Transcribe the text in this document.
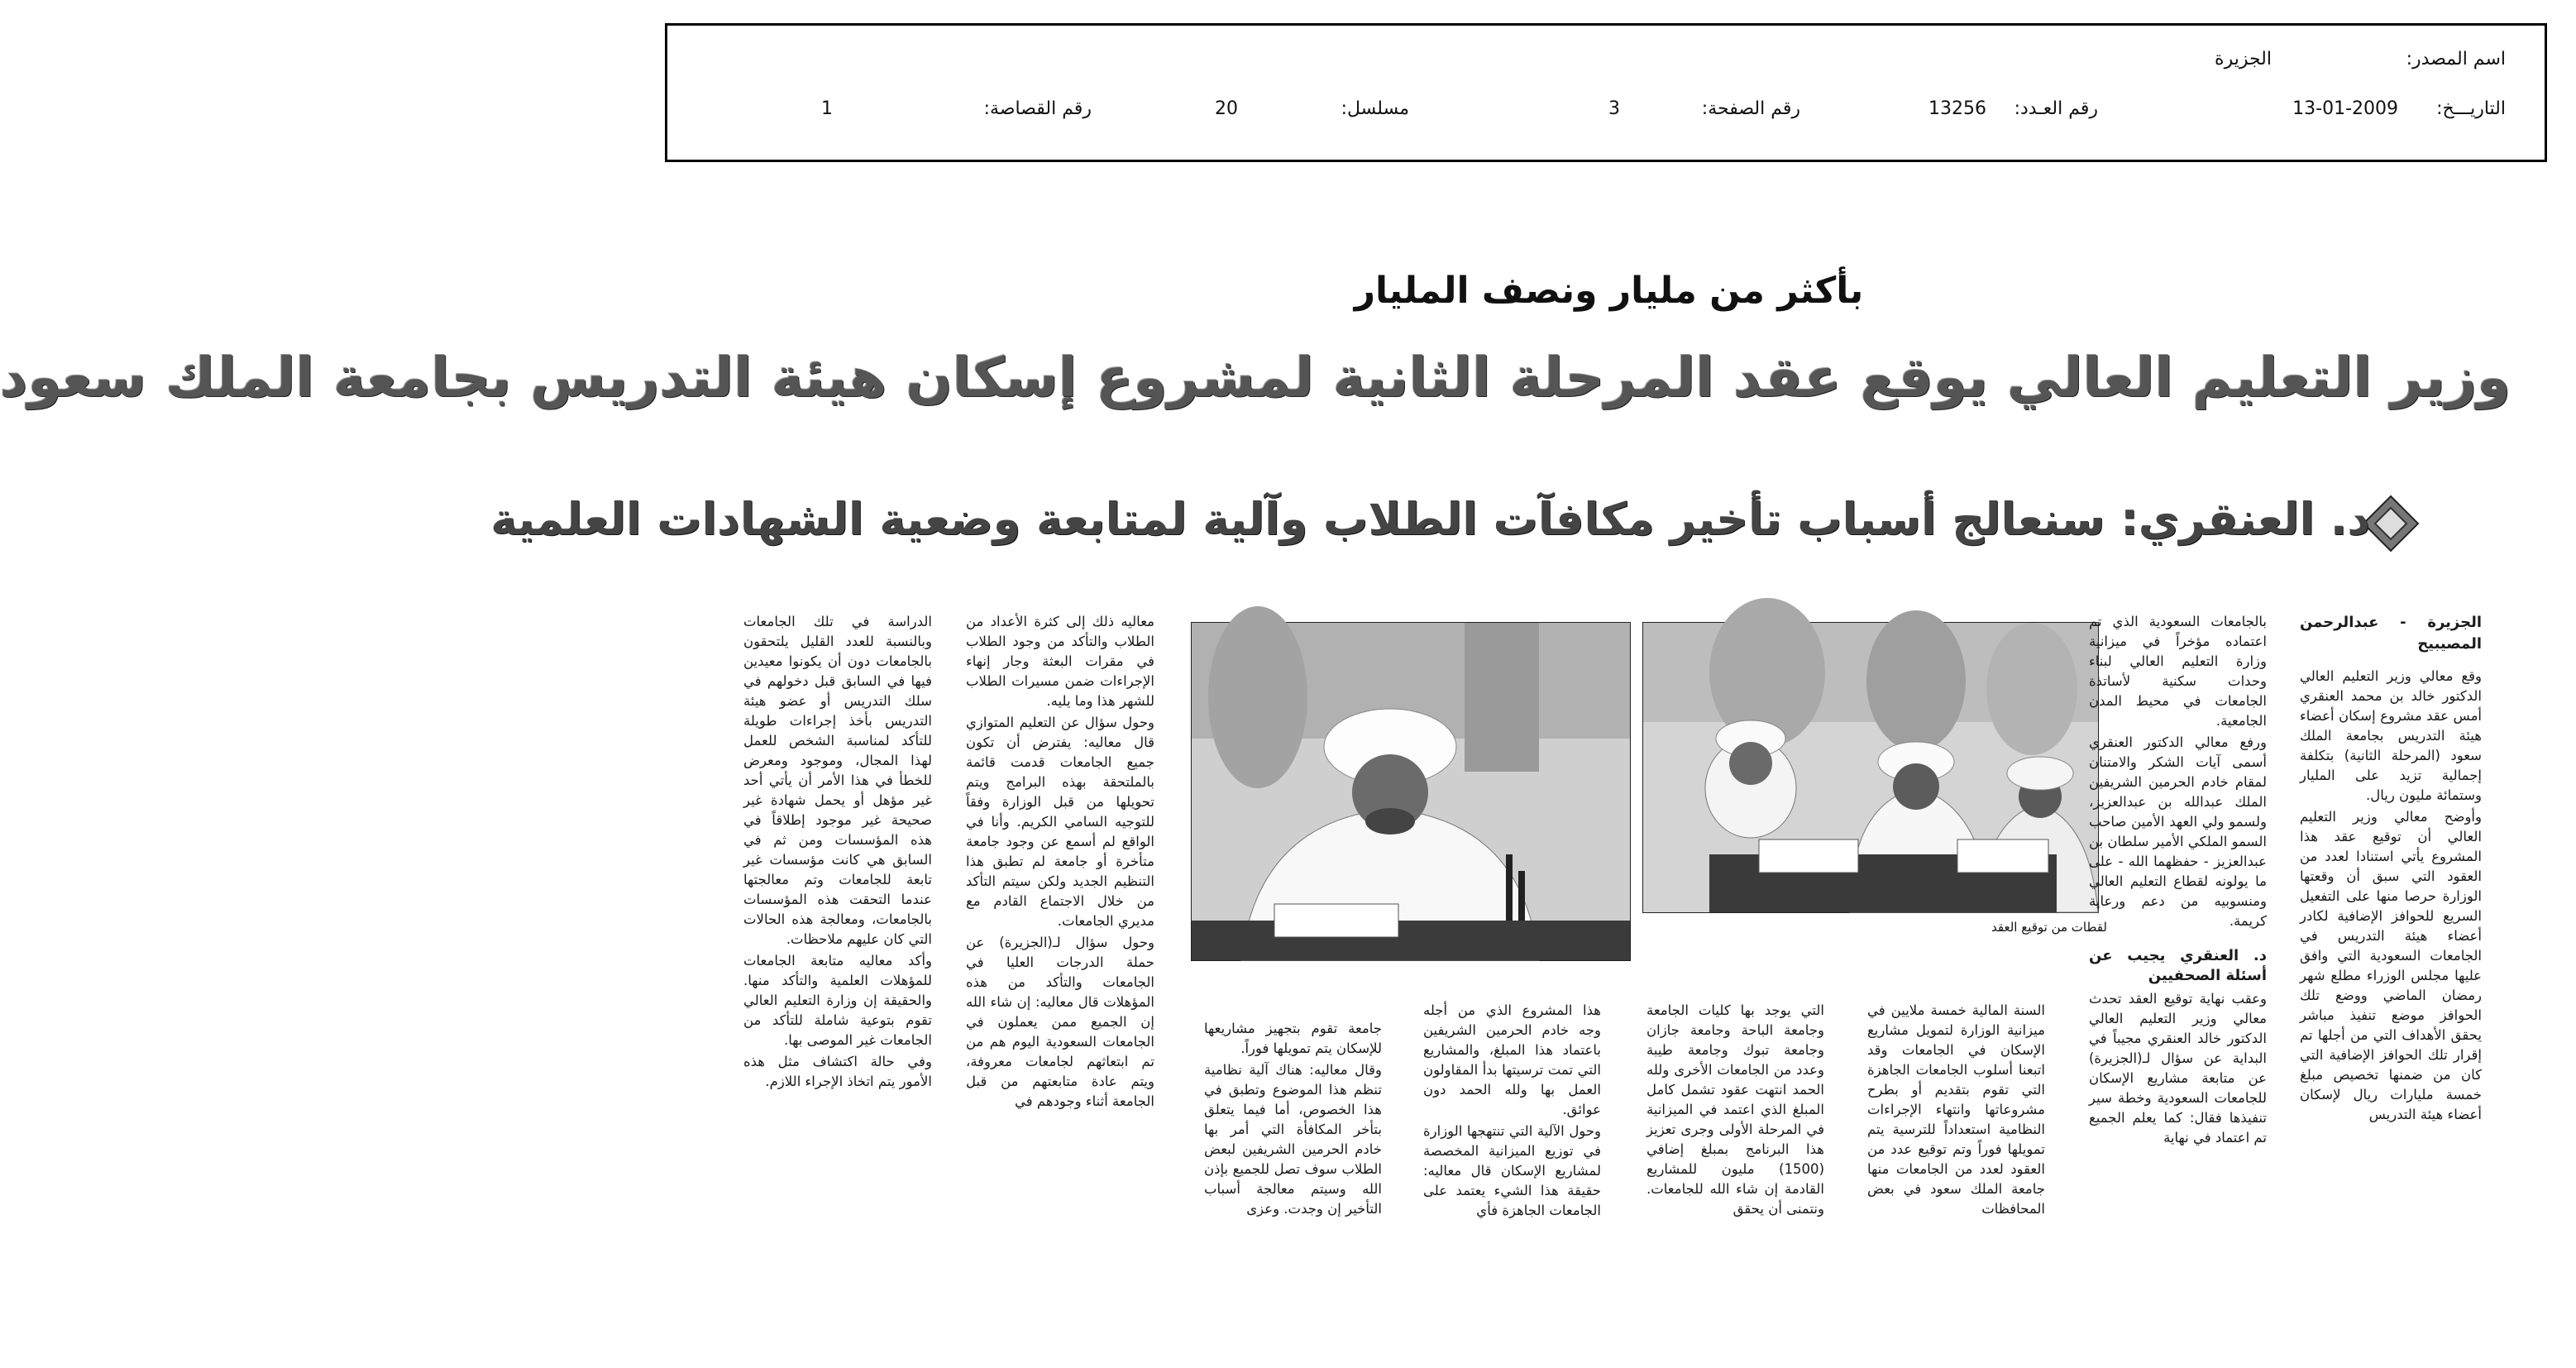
اسم المصدر:
الجزيرة
التاريـــخ:
13-01-2009
رقم العـدد:
13256
رقم الصفحة:
3
مسلسل:
20
رقم القصاصة:
1
بأكثر من مليار ونصف المليار
وزير التعليم العالي يوقع عقد المرحلة الثانية لمشروع إسكان هيئة التدريس بجامعة الملك سعود
د. العنقري: سنعالج أسباب تأخير مكافآت الطلاب وآلية لمتابعة وضعية الشهادات العلمية
لقطات من توقيع العقد

الجزيرة - عبدالرحمن المصيبيح

وقع معالي وزير التعليم العالي الدكتور خالد بن محمد العنقري أمس عقد مشروع إسكان أعضاء هيئة التدريس بجامعة الملك سعود (المرحلة الثانية) بتكلفة إجمالية تزيد على المليار وستمائة مليون ريال.

وأوضح معالي وزير التعليم العالي أن توقيع عقد هذا المشروع يأتي استنادا لعدد من العقود التي سبق أن وقعتها الوزارة حرصا منها على التفعيل السريع للحوافز الإضافية لكادر أعضاء هيئة التدريس في الجامعات السعودية التي وافق عليها مجلس الوزراء مطلع شهر رمضان الماضي ووضع تلك الحوافز موضع تنفيذ مباشر يحقق الأهداف التي من أجلها تم إقرار تلك الحوافز الإضافية التي كان من ضمنها تخصيص مبلغ خمسة مليارات ريال لإسكان أعضاء هيئة التدريس

بالجامعات السعودية الذي تم اعتماده مؤخراً في ميزانية وزارة التعليم العالي لبناء وحدات سكنية لأساتذة الجامعات في محيط المدن الجامعية.

ورفع معالي الدكتور العنقري أسمى آيات الشكر والامتنان لمقام خادم الحرمين الشريفين الملك عبدالله بن عبدالعزيز، ولسمو ولي العهد الأمين صاحب السمو الملكي الأمير سلطان بن عبدالعزيز - حفظهما الله - على ما يولونه لقطاع التعليم العالي ومنسوبيه من دعم ورعاية كريمة.

د. العنقري يجيب عن أسئلة الصحفيين

وعقب نهاية توقيع العقد تحدث معالي وزير التعليم العالي الدكتور خالد العنقري مجيباً في البداية عن سؤال لـ(الجزيرة) عن متابعة مشاريع الإسكان للجامعات السعودية وخطة سير تنفيذها فقال: كما يعلم الجميع تم اعتماد في نهاية

السنة المالية خمسة ملايين في ميزانية الوزارة لتمويل مشاريع الإسكان في الجامعات وقد اتبعنا أسلوب الجامعات الجاهزة التي تقوم بتقديم أو بطرح مشروعاتها وانتهاء الإجراءات النظامية استعداداً للترسية يتم تمويلها فوراً وتم توقيع عدد من العقود لعدد من الجامعات منها جامعة الملك سعود في بعض المحافظات

التي يوجد بها كليات الجامعة وجامعة الباحة وجامعة جازان وجامعة تبوك وجامعة طيبة وعدد من الجامعات الأخرى ولله الحمد انتهت عقود تشمل كامل المبلغ الذي اعتمد في الميزانية في المرحلة الأولى وجرى تعزيز هذا البرنامج بمبلغ إضافي (1500) مليون للمشاريع القادمة إن شاء الله للجامعات. ونتمنى أن يحقق

هذا المشروع الذي من أجله وجه خادم الحرمين الشريفين باعتماد هذا المبلغ، والمشاريع التي تمت ترسيتها بدأ المقاولون العمل بها ولله الحمد دون عوائق.

وحول الآلية التي تنتهجها الوزارة في توزيع الميزانية المخصصة لمشاريع الإسكان قال معاليه: حقيقة هذا الشيء يعتمد على الجامعات الجاهزة فأي

جامعة تقوم بتجهيز مشاريعها للإسكان يتم تمويلها فوراً.

وقال معاليه: هناك آلية نظامية تنظم هذا الموضوع وتطبق في هذا الخصوص، أما فيما يتعلق بتأخر المكافأة التي أمر بها خادم الحرمين الشريفين لبعض الطلاب سوف تصل للجميع بإذن الله وسيتم معالجة أسباب التأخير إن وجدت. وعزى

معاليه ذلك إلى كثرة الأعداد من الطلاب والتأكد من وجود الطلاب في مقرات البعثة وجار إنهاء الإجراءات ضمن مسيرات الطلاب للشهر هذا وما يليه.

وحول سؤال عن التعليم المتوازي قال معاليه: يفترض أن تكون جميع الجامعات قدمت قائمة بالملتحقة بهذه البرامج ويتم تحويلها من قبل الوزارة وفقاً للتوجيه السامي الكريم. وأنا في الواقع لم أسمع عن وجود جامعة متأخرة أو جامعة لم تطبق هذا التنظيم الجديد ولكن سيتم التأكد من خلال الاجتماع القادم مع مديري الجامعات.

وحول سؤال لـ(الجزيرة) عن حملة الدرجات العليا في الجامعات والتأكد من هذه المؤهلات قال معاليه: إن شاء الله إن الجميع ممن يعملون في الجامعات السعودية اليوم هم من تم ابتعاثهم لجامعات معروفة، ويتم عادة متابعتهم من قبل الجامعة أثناء وجودهم في

الدراسة في تلك الجامعات وبالنسبة للعدد القليل يلتحقون بالجامعات دون أن يكونوا معيدين فيها في السابق قبل دخولهم في سلك التدريس أو عضو هيئة التدريس بأخذ إجراءات طويلة للتأكد لمناسبة الشخص للعمل لهذا المجال، وموجود ومعرض للخطأ في هذا الأمر أن يأتي أحد غير مؤهل أو يحمل شهادة غير صحيحة غير موجود إطلاقاً في هذه المؤسسات ومن ثم في السابق هي كانت مؤسسات غير تابعة للجامعات وتم معالجتها عندما التحقت هذه المؤسسات بالجامعات، ومعالجة هذه الحالات التي كان عليهم ملاحظات.

وأكد معاليه متابعة الجامعات للمؤهلات العلمية والتأكد منها. والحقيقة إن وزارة التعليم العالي تقوم بتوعية شاملة للتأكد من الجامعات غير الموصى بها.

وفي حالة اكتشاف مثل هذه الأمور يتم اتخاذ الإجراء اللازم.
